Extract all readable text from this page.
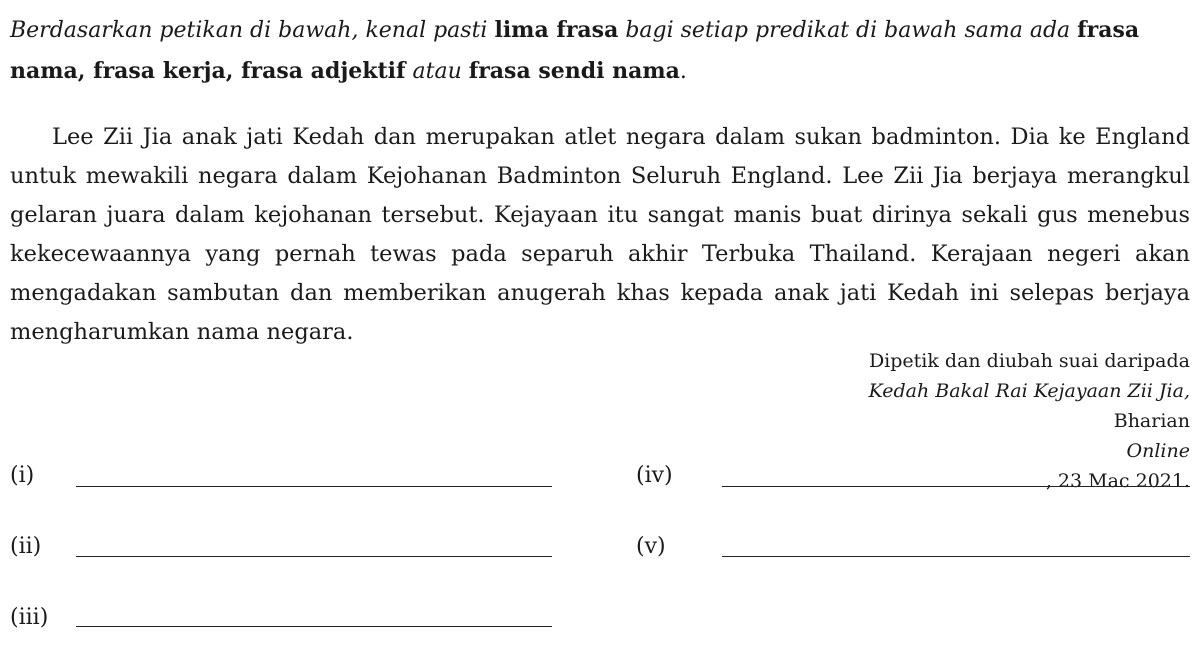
Berdasarkan petikan di bawah, kenal pasti lima frasa bagi setiap predikat di bawah sama ada frasa nama, frasa kerja, frasa adjektif atau frasa sendi nama.

Lee Zii Jia anak jati Kedah dan merupakan atlet negara dalam sukan badminton. Dia ke England untuk mewakili negara dalam Kejohanan Badminton Seluruh England. Lee Zii Jia berjaya merangkul gelaran juara dalam kejohanan tersebut. Kejayaan itu sangat manis buat dirinya sekali gus menebus kekecewaannya yang pernah tewas pada separuh akhir Terbuka Thailand. Kerajaan negeri akan mengadakan sambutan dan memberikan anugerah khas kepada anak jati Kedah ini selepas berjaya mengharumkan nama negara.

Dipetik dan diubah suai daripada
Kedah Bakal Rai Kejayaan Zii Jia,
Bharian
Online
, 23 Mac 2021.
(i)
(ii)
(iii)
(iv)
(v)
